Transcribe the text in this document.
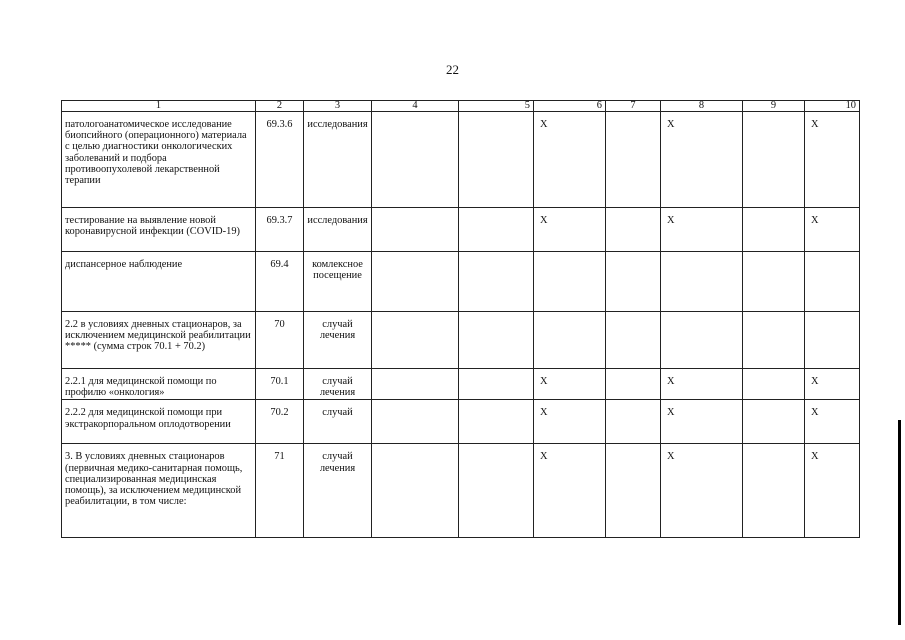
22
1	2	3	4	5	6	7	8	9	10
патологоанатомическое исследование биопсийного (операционного) материала с целью диагностики онкологических заболеваний и подбора противоопухолевой лекарственной терапии	69.3.6	исследования			X		X		X
тестирование на выявление новой коронавирусной инфекции (COVID-19)	69.3.7	исследования			X		X		X
диспансерное наблюдение	69.4	комлексное посещение							
2.2 в условиях дневных стационаров, за исключением медицинской реабилитации ***** (сумма строк 70.1 + 70.2)	70	случай лечения							
2.2.1 для медицинской помощи по профилю «онкология»	70.1	случай лечения			X		X		X
2.2.2 для медицинской помощи при экстракорпоральном оплодотворении	70.2	случай			X		X		X
3. В условиях дневных стационаров (первичная медико-санитарная помощь, специализированная медицинская помощь), за исключением медицинской реабилитации, в том числе:	71	случай лечения			X		X		X
